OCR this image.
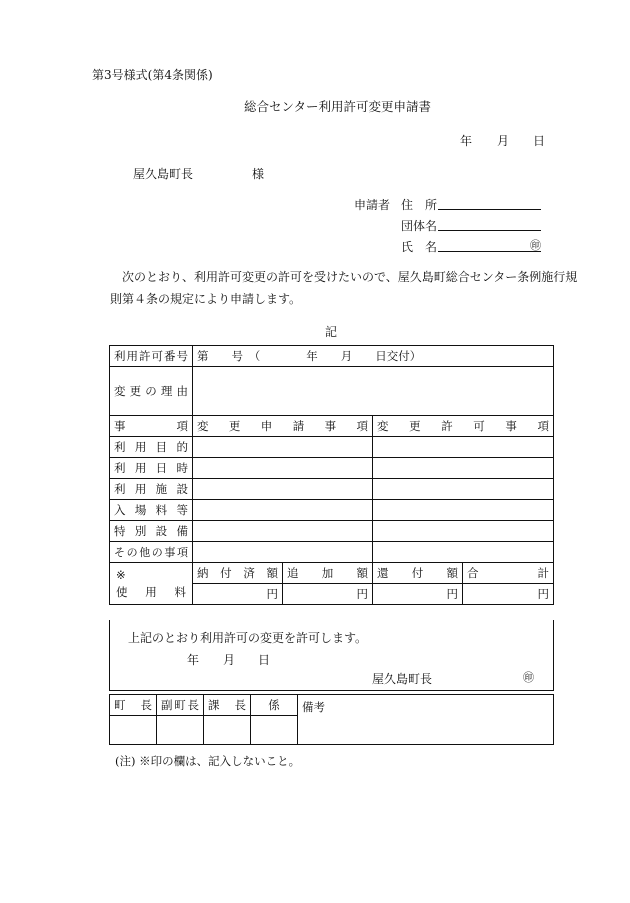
第3号様式(第4条関係)
総合センター利用許可変更申請書
年 月 日
屋久島町長	様
申請者 住　所
団体名
氏　名	㊞
次のとおり、利用許可変更の許可を受けたいので、屋久島町総合センター条例施行規
則第４条の規定により申請します。
記
利用許可番号	第　　号　（　　　　年　　月　　日交付）			
変更の理由				
事項	変更申請事項		変更許可事項	
利用目的				
利用日時				
利用施設				
入場料等				
特別設備				
その他の事項				

※
使用料	納付済額	追加額	還付額	合計
	円	円	円	円
上記のとおり利用許可の変更を許可します。
年 月 日
屋久島町長	㊞
町長	副町長	課長	係	備考

(注) ※印の欄は、記入しないこと。
